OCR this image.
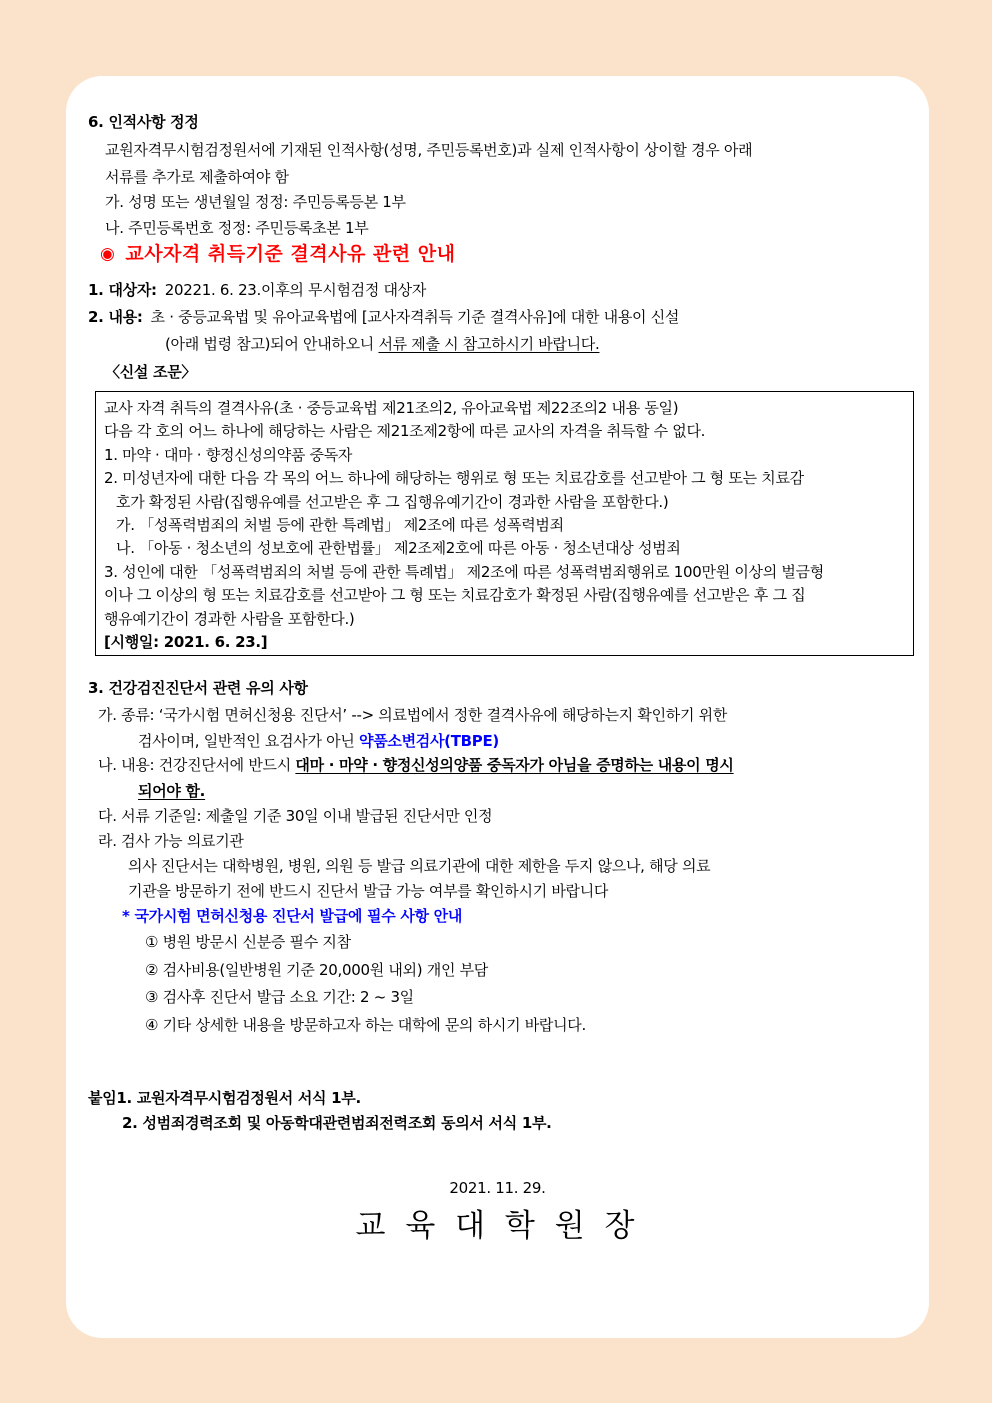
6. 인적사항 정정
교원자격무시험검정원서에 기재된 인적사항(성명, 주민등록번호)과 실제 인적사항이 상이할 경우 아래
서류를 추가로 제출하여야 함
가. 성명 또는 생년월일 정정: 주민등록등본 1부
나. 주민등록번호 정정: 주민등록초본 1부
◉ 교사자격 취득기준 결격사유 관련 안내
1. 대상자: 20221. 6. 23.이후의 무시험검정 대상자
2. 내용: 초 · 중등교육법 및 유아교육법에 [교사자격취득 기준 결격사유]에 대한 내용이 신설
(아래 법령 참고)되어 안내하오니 서류 제출 시 참고하시기 바랍니다.
〈신설 조문〉
교사 자격 취득의 결격사유(초 · 중등교육법 제21조의2, 유아교육법 제22조의2 내용 동일)
다음 각 호의 어느 하나에 해당하는 사람은 제21조제2항에 따른 교사의 자격을 취득할 수 없다.
1. 마약 · 대마 · 향정신성의약품 중독자
2. 미성년자에 대한 다음 각 목의 어느 하나에 해당하는 행위로 형 또는 치료감호를 선고받아 그 형 또는 치료감
호가 확정된 사람(집행유예를 선고받은 후 그 집행유예기간이 경과한 사람을 포함한다.)
가. 「성폭력범죄의 처벌 등에 관한 특례법」 제2조에 따른 성폭력범죄
나. 「아동 · 청소년의 성보호에 관한법률」 제2조제2호에 따른 아동 · 청소년대상 성범죄
3. 성인에 대한 「성폭력범죄의 처벌 등에 관한 특례법」 제2조에 따른 성폭력범죄행위로 100만원 이상의 벌금형
이나 그 이상의 형 또는 치료감호를 선고받아 그 형 또는 치료감호가 확정된 사람(집행유예를 선고받은 후 그 집
행유예기간이 경과한 사람을 포함한다.)
[시행일: 2021. 6. 23.]
3. 건강검진진단서 관련 유의 사항
가. 종류: ‘국가시험 면허신청용 진단서’ --> 의료법에서 정한 결격사유에 해당하는지 확인하기 위한
검사이며, 일반적인 요검사가 아닌 약품소변검사(TBPE)
나. 내용: 건강진단서에 반드시 대마 · 마약 · 향정신성의양품 중독자가 아님을 증명하는 내용이 명시
되어야 함.
다. 서류 기준일: 제출일 기준 30일 이내 발급된 진단서만 인정
라. 검사 가능 의료기관
의사 진단서는 대학병원, 병원, 의원 등 발급 의료기관에 대한 제한을 두지 않으나, 해당 의료
기관을 방문하기 전에 반드시 진단서 발급 가능 여부를 확인하시기 바랍니다
* 국가시험 면허신청용 진단서 발급에 필수 사항 안내
① 병원 방문시 신분증 필수 지참
② 검사비용(일반병원 기준 20,000원 내외) 개인 부담
③ 검사후 진단서 발급 소요 기간: 2 ~ 3일
④ 기타 상세한 내용을 방문하고자 하는 대학에 문의 하시기 바랍니다.
붙임1. 교원자격무시험검정원서 서식 1부.
2. 성범죄경력조회 및 아동학대관련범죄전력조회 동의서 서식 1부.
2021. 11. 29.
교 육 대 학 원 장
